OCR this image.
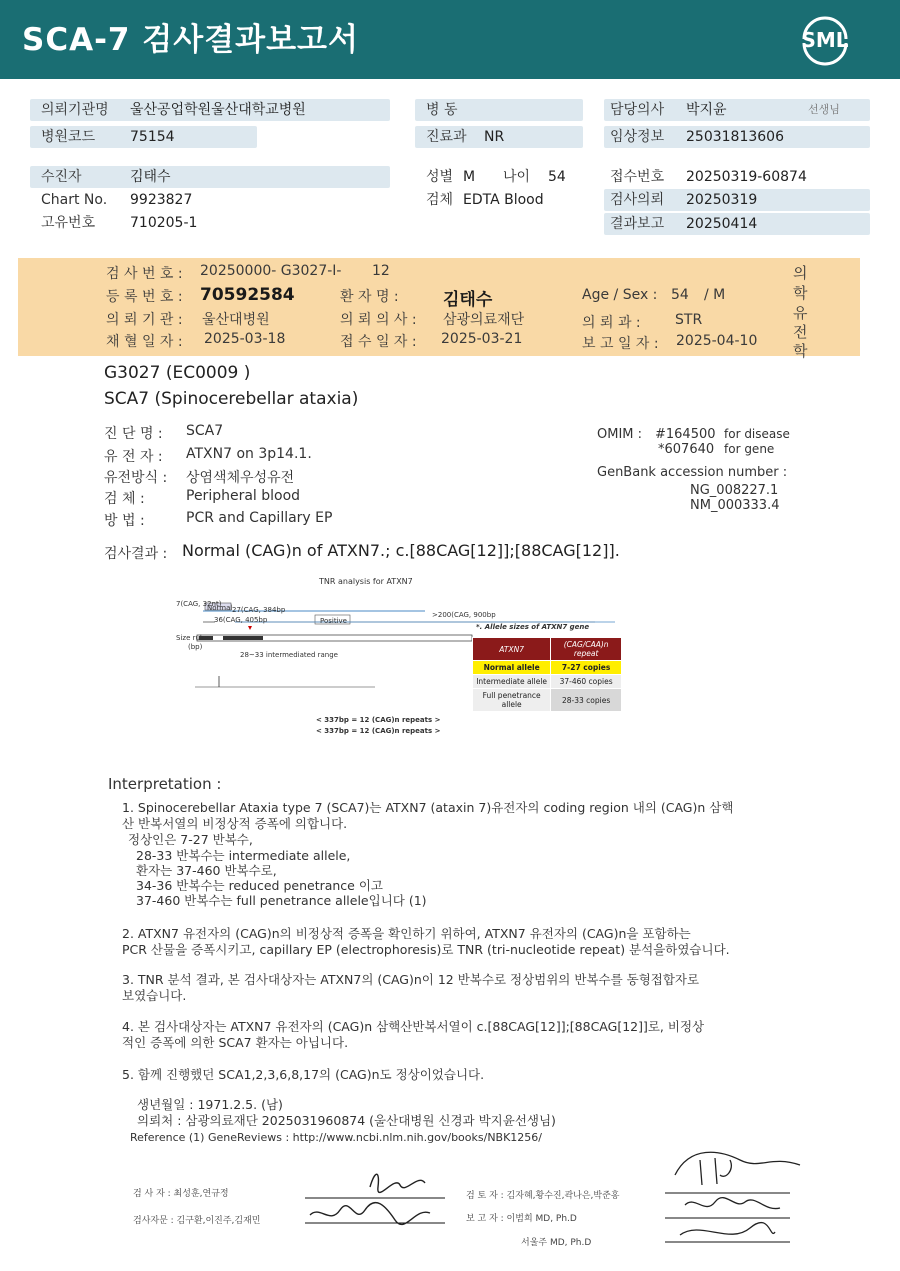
SCA-7 검사결과보고서	SML
의뢰기관명 울산공업학원울산대학교병원	병 동	담당의사 박지윤	선생님
병원코드 75154	진료과 NR	임상정보 25031813606
수진자	김태수	성별 M 나이 54	접수번호 20250319-60874
Chart No. 9923827	검체 EDTA Blood	검사의뢰 20250319
고유번호 710205-1	결과보고 20250414
검 사 번 호 : 20250000- G3027-I- 12
등 록 번 호 : 70592584	환 자 명 :	김태수	Age / Sex : 54 / M
의 뢰 기 관 : 울산대병원	의 뢰 의 사 : 삼광의료재단	의 뢰 과 : STR
채 혈 일 자 : 2025-03-18	접 수 일 자 : 2025-03-21	보 고 일 자 : 2025-04-10
의
학
유
전
학
G3027 (EC0009 )
SCA7 (Spinocerebellar ataxia)
진 단 명 : SCA7
유 전 자 : ATXN7 on 3p14.1.
유전방식 : 상염색체우성유전
검 체 :	Peripheral blood
방 법 :	PCR and Capillary EP
OMIM : #164500 for disease
*607640 for gene
GenBank accession number :
NG_008227.1
NM_000333.4
검사결과 : Normal (CAG)n of ATXN7.; c.[88CAG[12]];[88CAG[12]].
TNR analysis for ATXN7
7(CAG, 32nt)
Normal 27(CAG, 384bp
36(CAG, 405bp
>200(CAG, 900bp
Positive
Size ruler
(bp)
28~33 intermediated range
< 337bp = 12 (CAG)n repeats >
< 337bp = 12 (CAG)n repeats >
*. Allele sizes of ATXN7 gene
ATXN7	(CAG/CAA)n repeat
Normal allele	7-27 copies
Intermediate allele	37-460 copies
Full penetrance allele	28-33 copies
Interpretation :
1. Spinocerebellar Ataxia type 7 (SCA7)는 ATXN7 (ataxin 7)유전자의 coding region 내의 (CAG)n 삼핵
산 반복서열의 비정상적 증폭에 의합니다.
정상인은 7-27 반복수,
28-33 반복수는 intermediate allele,
환자는 37-460 반복수로,
34-36 반복수는 reduced penetrance 이고
37-460 반복수는 full penetrance allele입니다 (1)
2. ATXN7 유전자의 (CAG)n의 비정상적 증폭을 확인하기 위하여, ATXN7 유전자의 (CAG)n을 포함하는
PCR 산물을 증폭시키고, capillary EP (electrophoresis)로 TNR (tri-nucleotide repeat) 분석을하였습니다.
3. TNR 분석 결과, 본 검사대상자는 ATXN7의 (CAG)n이 12 반복수로 정상범위의 반복수를 동형접합자로
보였습니다.
4. 본 검사대상자는 ATXN7 유전자의 (CAG)n 삼핵산반복서열이 c.[88CAG[12]];[88CAG[12]]로, 비정상
적인 증폭에 의한 SCA7 환자는 아닙니다.
5. 함께 진행했던 SCA1,2,3,6,8,17의 (CAG)n도 정상이었습니다.
생년월일 : 1971.2.5. (남)
의뢰처 : 삼광의료재단 2025031960874 (울산대병원 신경과 박지윤선생님)
Reference (1) GeneReviews : http://www.ncbi.nlm.nih.gov/books/NBK1256/
검 사 자 : 최성훈,연규정
검사자문 : 김구환,이진주,김재민
검 토 자 : 김자혜,황수진,곽나은,박준홍
보 고 자 : 이범희 MD, Ph.D
서울주 MD, Ph.D
